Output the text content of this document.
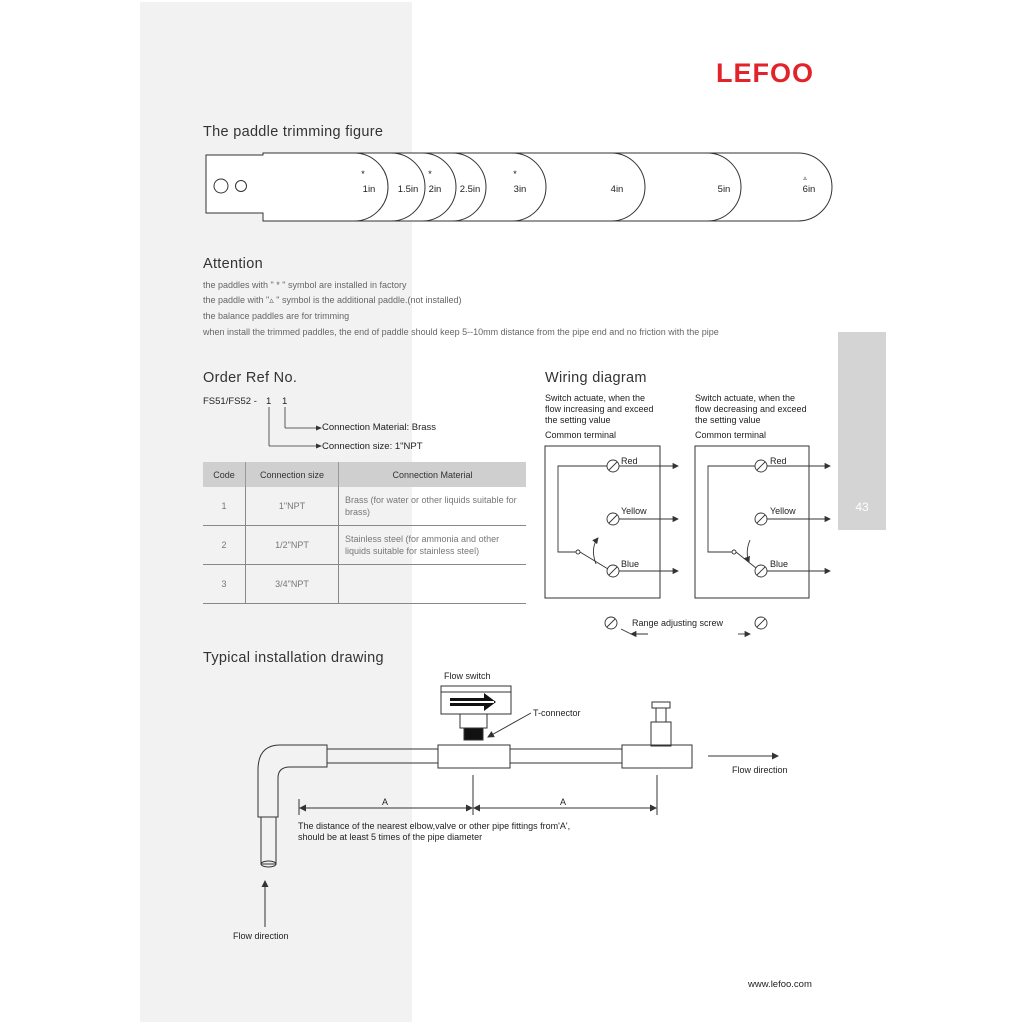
LEFOO
43
The paddle trimming figure
*
1in 1.5in
*
2in 2.5in
*
3in	4in	5in
▵
6in
Attention
the paddles with " * " symbol are installed in factory
the paddle with "▵ " symbol is the additional paddle.(not installed)
the balance paddles are for trimming
when install the trimmed paddles, the end of paddle should keep 5--10mm distance from the pipe end and no friction with the pipe
Order Ref No.
FS51/FS52 - 1 1
Connection Material: Brass
Connection size: 1"NPT
Code	Connection size	Connection Material
1	1"NPT	Brass (for water or other liquids suitable for brass)
2	1/2"NPT	Stainless steel (for ammonia and other liquids suitable for stainless steel)
3	3/4"NPT	
Wiring diagram
Switch actuate, when the
flow increasing and exceed
the setting value
Common terminal
Switch actuate, when the
flow decreasing and exceed
the setting value
Common terminal
Red
Yellow
Blue
Red
Yellow
Blue
Range adjusting screw
Typical installation drawing
Flow switch
T-connector
Flow direction
A	A
The distance of the nearest elbow,valve or other pipe fittings from'A',
should be at least 5 times of the pipe diameter
Flow direction
www.lefoo.com
